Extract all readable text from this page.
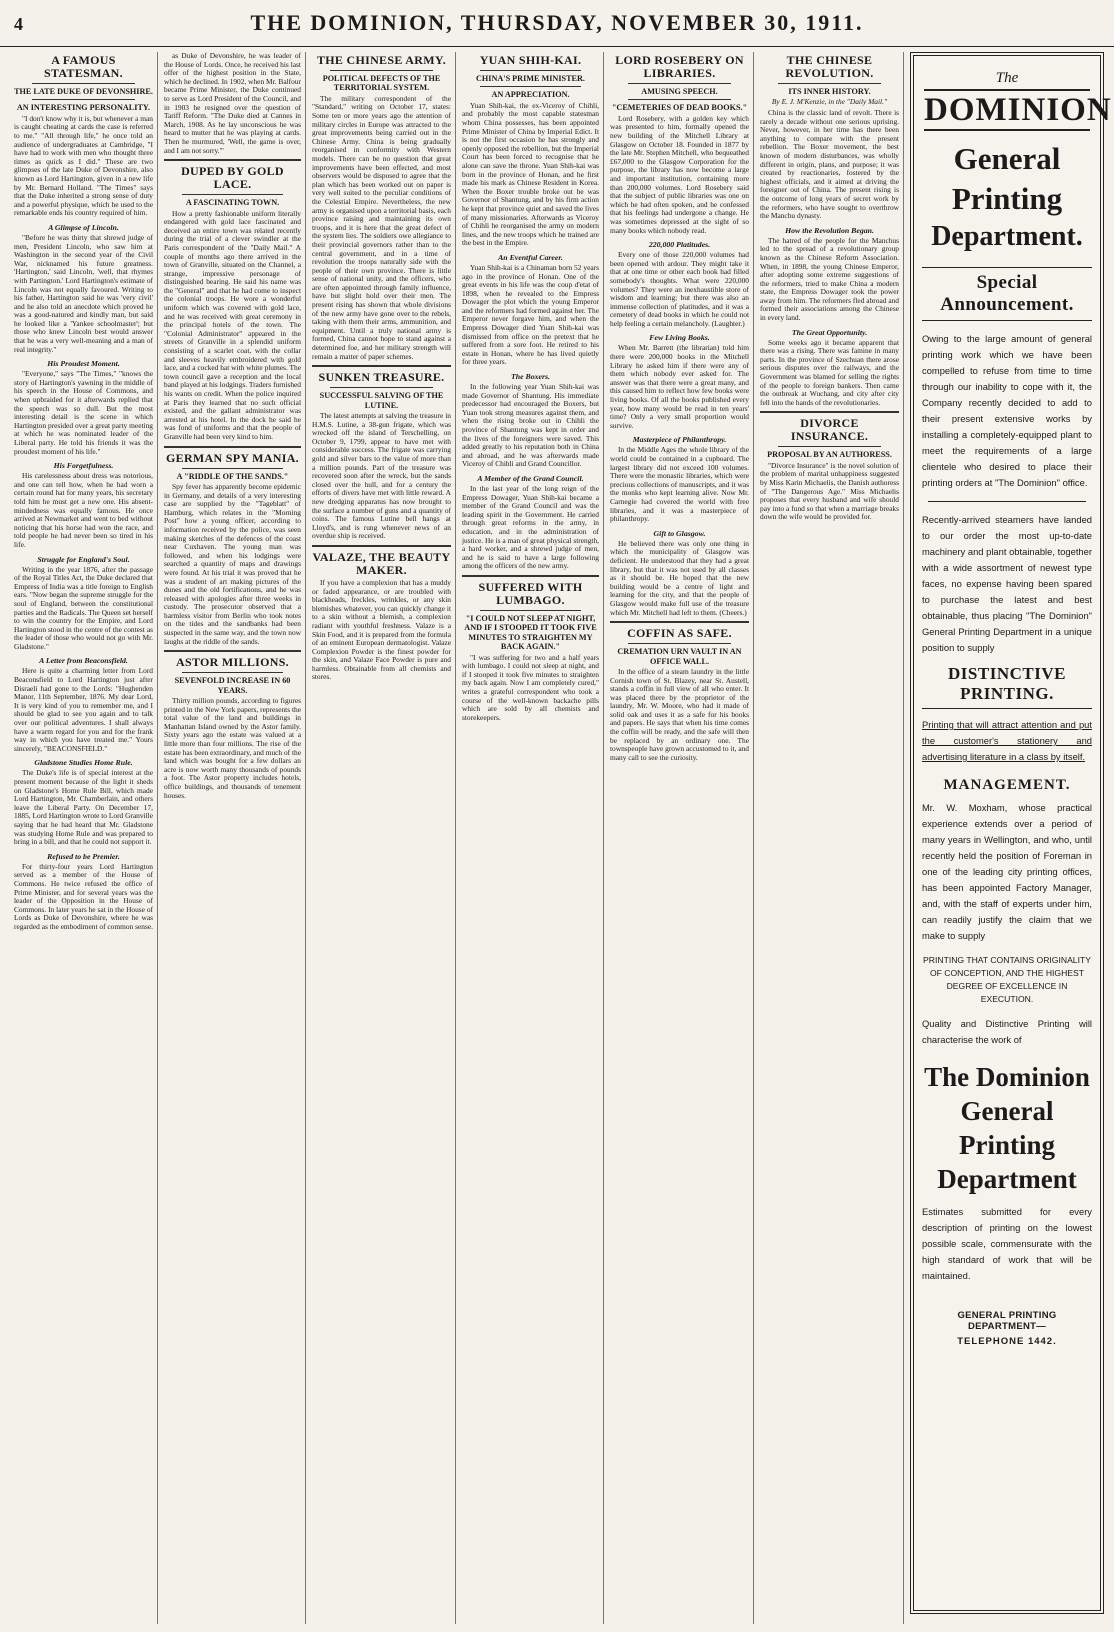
4	THE DOMINION, THURSDAY, NOVEMBER 30, 1911.
A FAMOUS STATESMAN.
THE LATE DUKE OF DEVONSHIRE.
AN INTERESTING PERSONALITY.

"I don't know why it is, but whenever a man is caught cheating at cards the case is referred to me." "All through life," he once told an audience of undergraduates at Cambridge, "I have had to work with men who thought three times as quick as I did." These are two glimpses of the late Duke of Devonshire, also known as Lord Hartington, given in a new life by Mr. Bernard Holland. "The Times" says that the Duke inherited a strong sense of duty and a powerful physique, which he used to the remarkable ends his country required of him.

A Glimpse of Lincoln.

"Before he was thirty that shrewd judge of men, President Lincoln, who saw him at Washington in the second year of the Civil War, nicknamed his future greatness. 'Hartington,' said Lincoln, 'well, that rhymes with Partington.' Lord Hartington's estimate of Lincoln was not equally favoured. Writing to his father, Hartington said he was 'very civil' and he also told an anecdote which proved he was a good-natured and kindly man, but said he looked like a 'Yankee schoolmaster'; but those who knew Lincoln best would answer that he was a very well-meaning and a man of real integrity."

His Proudest Moment.

"Everyone," says "The Times," "knows the story of Hartington's yawning in the middle of his speech in the House of Commons, and when upbraided for it afterwards replied that the speech was so dull. But the most interesting detail is the scene in which Hartington presided over a great party meeting at which he was nominated leader of the Liberal party. He told his friends it was the proudest moment of his life."

His Forgetfulness.

His carelessness about dress was notorious, and one can tell how, when he had worn a certain round hat for many years, his secretary told him he must get a new one. His absent-mindedness was equally famous. He once arrived at Newmarket and went to bed without noticing that his horse had won the race, and told people he had never been so tired in his life.

Struggle for England's Soul.

Writing in the year 1876, after the passage of the Royal Titles Act, the Duke declared that Empress of India was a title foreign to English ears. "Now began the supreme struggle for the soul of England, between the constitutional parties and the Radicals. The Queen set herself to win the country for the Empire, and Lord Hartington stood in the centre of the contest as the leader of those who would not go with Mr. Gladstone."

A Letter from Beaconsfield.

Here is quite a charming letter from Lord Beaconsfield to Lord Hartington just after Disraeli had gone to the Lords: "Hughenden Manor, 11th September, 1876. My dear Lord, It is very kind of you to remember me, and I should be glad to see you again and to talk over our political adventures. I shall always have a warm regard for you and for the frank way in which you have treated me." Yours sincerely, "BEACONSFIELD."

Gladstone Studies Home Rule.

The Duke's life is of special interest at the present moment because of the light it sheds on Gladstone's Home Rule Bill, which made Lord Hartington, Mr. Chamberlain, and others leave the Liberal Party. On December 17, 1885, Lord Hartington wrote to Lord Granville saying that he had heard that Mr. Gladstone was studying Home Rule and was prepared to bring in a bill, and that he could not support it.

Refused to be Premier.

For thirty-four years Lord Hartington served as a member of the House of Commons. He twice refused the office of Prime Minister, and for several years was the leader of the Opposition in the House of Commons. In later years he sat in the House of Lords as Duke of Devonshire, where he was regarded as the embodiment of common sense.

as Duke of Devonshire, he was leader of the House of Lords. Once, he received his last offer of the highest position in the State, which he declined. In 1902, when Mr. Balfour became Prime Minister, the Duke continued to serve as Lord President of the Council, and in 1903 he resigned over the question of Tariff Reform. "The Duke died at Cannes in March, 1908. As he lay unconscious he was heard to mutter that he was playing at cards. Then he murmured, 'Well, the game is over, and I am not sorry.'"

DUPED BY GOLD LACE.
A FASCINATING TOWN.

How a pretty fashionable uniform literally endangered with gold lace fascinated and deceived an entire town was related recently during the trial of a clever swindler at the Paris correspondent of the "Daily Mail." A couple of months ago there arrived in the town of Granville, situated on the Channel, a strange, impressive personage of distinguished bearing. He said his name was the "General" and that he had come to inspect the colonial troops. He wore a wonderful uniform which was covered with gold lace, and he was received with great ceremony in the principal hotels of the town. The "Colonial Administrator" appeared in the streets of Granville in a splendid uniform consisting of a scarlet coat, with the collar and sleeves heavily embroidered with gold lace, and a cocked hat with white plumes. The town council gave a reception and the local band played at his lodgings. Traders furnished his wants on credit. When the police inquired at Paris they learned that no such official existed, and the gallant administrator was arrested at his hotel. In the dock he said he was fond of uniforms and that the people of Granville had been very kind to him.

GERMAN SPY MANIA.
A "RIDDLE OF THE SANDS."

Spy fever has apparently become epidemic in Germany, and details of a very interesting case are supplied by the "Tageblatt" of Hamburg, which relates in the "Morning Post" how a young officer, according to information received by the police, was seen making sketches of the defences of the coast near Cuxhaven. The young man was followed, and when his lodgings were searched a quantity of maps and drawings were found. At his trial it was proved that he was a student of art making pictures of the dunes and the old fortifications, and he was released with apologies after three weeks in custody. The prosecutor observed that a harmless visitor from Berlin who took notes on the tides and the sandbanks had been suspected in the same way, and the town now laughs at the riddle of the sands.

ASTOR MILLIONS.
SEVENFOLD INCREASE IN 60 YEARS.

Thirty million pounds, according to figures printed in the New York papers, represents the total value of the land and buildings in Manhattan Island owned by the Astor family. Sixty years ago the estate was valued at a little more than four millions. The rise of the estate has been extraordinary, and much of the land which was bought for a few dollars an acre is now worth many thousands of pounds a foot. The Astor property includes hotels, office buildings, and thousands of tenement houses.

THE CHINESE ARMY.
POLITICAL DEFECTS OF THE TERRITORIAL SYSTEM.

The military correspondent of the "Standard," writing on October 17, states: Some ten or more years ago the attention of military circles in Europe was attracted to the great improvements being carried out in the Chinese Army. China is being gradually reorganised in conformity with Western models. There can be no question that great improvements have been effected, and most observers would be disposed to agree that the plan which has been worked out on paper is very well suited to the peculiar conditions of the Celestial Empire. Nevertheless, the new army is organised upon a territorial basis, each province raising and maintaining its own troops, and it is here that the great defect of the system lies. The soldiers owe allegiance to their provincial governors rather than to the central government, and in a time of revolution the troops naturally side with the people of their own province. There is little sense of national unity, and the officers, who are often appointed through family influence, have but slight hold over their men. The present rising has shown that whole divisions of the new army have gone over to the rebels, taking with them their arms, ammunition, and equipment. Until a truly national army is formed, China cannot hope to stand against a determined foe, and her military strength will remain a matter of paper schemes.

SUNKEN TREASURE.
SUCCESSFUL SALVING OF THE LUTINE.

The latest attempts at salving the treasure in H.M.S. Lutine, a 38-gun frigate, which was wrecked off the island of Terschelling, on October 9, 1799, appear to have met with considerable success. The frigate was carrying gold and silver bars to the value of more than a million pounds. Part of the treasure was recovered soon after the wreck, but the sands closed over the hull, and for a century the efforts of divers have met with little reward. A new dredging apparatus has now brought to the surface a number of guns and a quantity of coins. The famous Lutine bell hangs at Lloyd's, and is rung whenever news of an overdue ship is received.

VALAZE, THE BEAUTY MAKER.

If you have a complexion that has a muddy or faded appearance, or are troubled with blackheads, freckles, wrinkles, or any skin blemishes whatever, you can quickly change it to a skin without a blemish, a complexion radiant with youthful freshness. Valaze is a Skin Food, and it is prepared from the formula of an eminent European dermatologist. Valaze Complexion Powder is the finest powder for the skin, and Valaze Face Powder is pure and harmless. Obtainable from all chemists and stores.

YUAN SHIH-KAI.
CHINA'S PRIME MINISTER.
AN APPRECIATION.

Yuan Shih-kai, the ex-Viceroy of Chihli, and probably the most capable statesman whom China possesses, has been appointed Prime Minister of China by Imperial Edict. It is not the first occasion he has strongly and openly opposed the rebellion, but the Imperial Court has been forced to recognise that he alone can save the throne. Yuan Shih-kai was born in the province of Honan, and he first made his mark as Chinese Resident in Korea. When the Boxer trouble broke out he was Governor of Shantung, and by his firm action he kept that province quiet and saved the lives of many missionaries. Afterwards as Viceroy of Chihli he reorganised the army on modern lines, and the new troops which he trained are the best in the Empire.

An Eventful Career.

Yuan Shih-kai is a Chinaman born 52 years ago in the province of Honan. One of the great events in his life was the coup d'etat of 1898, when he revealed to the Empress Dowager the plot which the young Emperor and the reformers had formed against her. The Emperor never forgave him, and when the Empress Dowager died Yuan Shih-kai was dismissed from office on the pretext that he suffered from a sore foot. He retired to his estate in Honan, where he has lived quietly for three years.

The Boxers.

In the following year Yuan Shih-kai was made Governor of Shantung. His immediate predecessor had encouraged the Boxers, but Yuan took strong measures against them, and when the rising broke out in Chihli the province of Shantung was kept in order and the lives of the foreigners were saved. This added greatly to his reputation both in China and abroad, and he was afterwards made Viceroy of Chihli and Grand Councillor.

A Member of the Grand Council.

In the last year of the long reign of the Empress Dowager, Yuan Shih-kai became a member of the Grand Council and was the leading spirit in the Government. He carried through great reforms in the army, in education, and in the administration of justice. He is a man of great physical strength, a hard worker, and a shrewd judge of men, and he is said to have a large following among the officers of the new army.

SUFFERED WITH LUMBAGO.
"I COULD NOT SLEEP AT NIGHT, AND IF I STOOPED IT TOOK FIVE MINUTES TO STRAIGHTEN MY BACK AGAIN."

"I was suffering for two and a half years with lumbago. I could not sleep at night, and if I stooped it took five minutes to straighten my back again. Now I am completely cured," writes a grateful correspondent who took a course of the well-known backache pills which are sold by all chemists and storekeepers.

LORD ROSEBERY ON LIBRARIES.
AMUSING SPEECH.
"CEMETERIES OF DEAD BOOKS."

Lord Rosebery, with a golden key which was presented to him, formally opened the new building of the Mitchell Library at Glasgow on October 18. Founded in 1877 by the late Mr. Stephen Mitchell, who bequeathed £67,000 to the Glasgow Corporation for the purpose, the library has now become a large and important institution, containing more than 200,000 volumes. Lord Rosebery said that the subject of public libraries was one on which he had often spoken, and he confessed that his feelings had undergone a change. He was sometimes depressed at the sight of so many books which nobody read.

220,000 Platitudes.

Every one of those 220,000 volumes had been opened with ardour. They might take it that at one time or other each book had filled somebody's thoughts. What were 220,000 volumes? They were an inexhaustible store of wisdom and learning; but there was also an immense collection of platitudes, and it was a cemetery of dead books in which he could not help feeling a certain melancholy. (Laughter.)

Few Living Books.

When Mr. Barrett (the librarian) told him there were 200,000 books in the Mitchell Library he asked him if there were any of them which nobody ever asked for. The answer was that there were a great many, and this caused him to reflect how few books were living books. Of all the books published every year, how many would be read in ten years' time? Only a very small proportion would survive.

Masterpiece of Philanthropy.

In the Middle Ages the whole library of the world could be contained in a cupboard. The largest library did not exceed 100 volumes. There were the monastic libraries, which were precious collections of manuscripts, and it was the monks who kept learning alive. Now Mr. Carnegie had covered the world with free libraries, and it was a masterpiece of philanthropy.

Gift to Glasgow.

He believed there was only one thing in which the municipality of Glasgow was deficient. He understood that they had a great library, but that it was not used by all classes as it should be. He hoped that the new building would be a centre of light and learning for the city, and that the people of Glasgow would make full use of the treasure which Mr. Mitchell had left to them. (Cheers.)

COFFIN AS SAFE.
CREMATION URN VAULT IN AN OFFICE WALL.

In the office of a steam laundry in the little Cornish town of St. Blazey, near St. Austell, stands a coffin in full view of all who enter. It was placed there by the proprietor of the laundry, Mr. W. Moore, who had it made of solid oak and uses it as a safe for his books and papers. He says that when his time comes the coffin will be ready, and the safe will then be replaced by an ordinary one. The townspeople have grown accustomed to it, and many call to see the curiosity.

THE CHINESE REVOLUTION.
ITS INNER HISTORY.
By E. J. M'Kenzie, in the "Daily Mail."

China is the classic land of revolt. There is rarely a decade without one serious uprising. Never, however, in her time has there been anything to compare with the present rebellion. The Boxer movement, the best known of modern disturbances, was wholly different in origin, plans, and purpose; it was created by reactionaries, fostered by the highest officials, and it aimed at driving the foreigner out of China. The present rising is the outcome of long years of secret work by the reformers, who have sought to overthrow the Manchu dynasty.

How the Revolution Began.

The hatred of the people for the Manchus led to the spread of a revolutionary group known as the Chinese Reform Association. When, in 1898, the young Chinese Emperor, after adopting some extreme suggestions of the reformers, tried to make China a modern state, the Empress Dowager took the power away from him. The reformers fled abroad and formed their associations among the Chinese in every land.

The Great Opportunity.

Some weeks ago it became apparent that there was a rising. There was famine in many parts. In the province of Szechuan there arose serious disputes over the railways, and the Government was blamed for selling the rights of the people to foreign bankers. Then came the outbreak at Wuchang, and city after city fell into the hands of the revolutionaries.

DIVORCE INSURANCE.
PROPOSAL BY AN AUTHORESS.

"Divorce Insurance" is the novel solution of the problem of marital unhappiness suggested by Miss Karin Michaelis, the Danish authoress of "The Dangerous Age." Miss Michaelis proposes that every husband and wife should pay into a fund so that when a marriage breaks down the wife would be provided for.

The
DOMINION
General Printing
Department.
Special Announcement.
Owing to the large amount of general printing work which we have been compelled to refuse from time to time through our inability to cope with it, the Company recently decided to add to their present extensive works by installing a completely-equipped plant to meet the requirements of a large clientele who desired to place their printing orders at "The Dominion" office.
Recently-arrived steamers have landed to our order the most up-to-date machinery and plant obtainable, together with a wide assortment of newest type faces, no expense having been spared to purchase the latest and best obtainable, thus placing "The Dominion" General Printing Department in a unique position to supply
DISTINCTIVE PRINTING.
Printing that will attract attention and put the customer's stationery and advertising literature in a class by itself.
MANAGEMENT.
Mr. W. Moxham, whose practical experience extends over a period of many years in Wellington, and who, until recently held the position of Foreman in one of the leading city printing offices, has been appointed Factory Manager, and, with the staff of experts under him, can readily justify the claim that we make to supply
PRINTING THAT CONTAINS ORIGINALITY OF CONCEPTION, AND THE HIGHEST DEGREE OF EXCELLENCE IN EXECUTION.
Quality and Distinctive Printing will characterise the work of
The Dominion General Printing
Department
Estimates submitted for every description of printing on the lowest possible scale, commensurate with the high standard of work that will be maintained.
GENERAL PRINTING DEPARTMENT—
TELEPHONE 1442.
